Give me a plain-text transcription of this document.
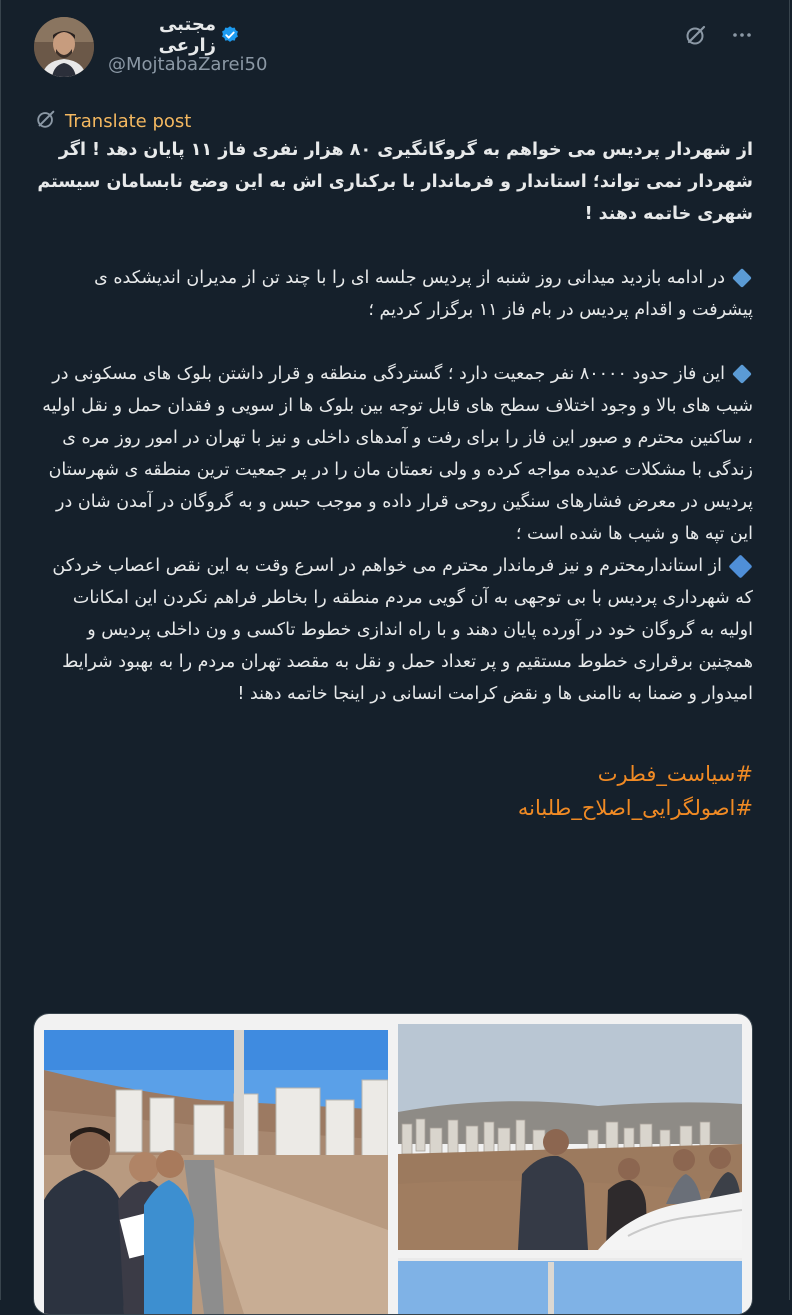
مجتبی زارعی
@MojtabaZarei50
Translate post

از شهردار پردیس می خواهم به گروگانگیری ۸۰ هزار نفری فاز ۱۱ پایان دهد ! اگر شهردار نمی تواند؛ استاندار و فرماندار با برکناری اش به این وضع نابسامان سیستم شهری خاتمه دهند !

در ادامه بازدید میدانی روز شنبه از پردیس جلسه ای را با چند تن از مدیران اندیشکده ی پیشرفت و اقدام پردیس در بام فاز ۱۱ برگزار کردیم ؛

این فاز حدود ۸۰۰۰۰ نفر جمعیت دارد ؛ گستردگی منطقه و قرار داشتن بلوک های مسکونی در شیب های بالا و وجود اختلاف سطح های قابل توجه بین بلوک ها از سویی و فقدان حمل و نقل اولیه ، ساکنین محترم و صبور این فاز را برای رفت و آمدهای داخلی و نیز با تهران در امور روز مره ی زندگی با مشکلات عدیده مواجه کرده و ولی نعمتان مان را در پر جمعیت ترین منطقه ی شهرستان پردیس در معرض فشارهای سنگین روحی قرار داده و موجب حبس و به گروگان در آمدن شان در این تپه ها و شیب ها شده است ؛

از استاندارمحترم و نیز فرماندار محترم می خواهم در اسرع وقت به این نقص اعصاب خردکن که شهرداری پردیس با بی توجهی به آن گویی مردم منطقه را بخاطر فراهم نکردن این امکانات اولیه به گروگان خود در آورده پایان دهند و با راه اندازی خطوط تاکسی و ون داخلی پردیس و همچنین برقراری خطوط مستقیم و پر تعداد حمل و نقل به مقصد تهران مردم را به بهبود شرایط امیدوار و ضمنا به ناامنی ها و نقض کرامت انسانی در اینجا خاتمه دهند !

#سیاست_فطرت

#اصولگرایی_اصلاح_طلبانه
